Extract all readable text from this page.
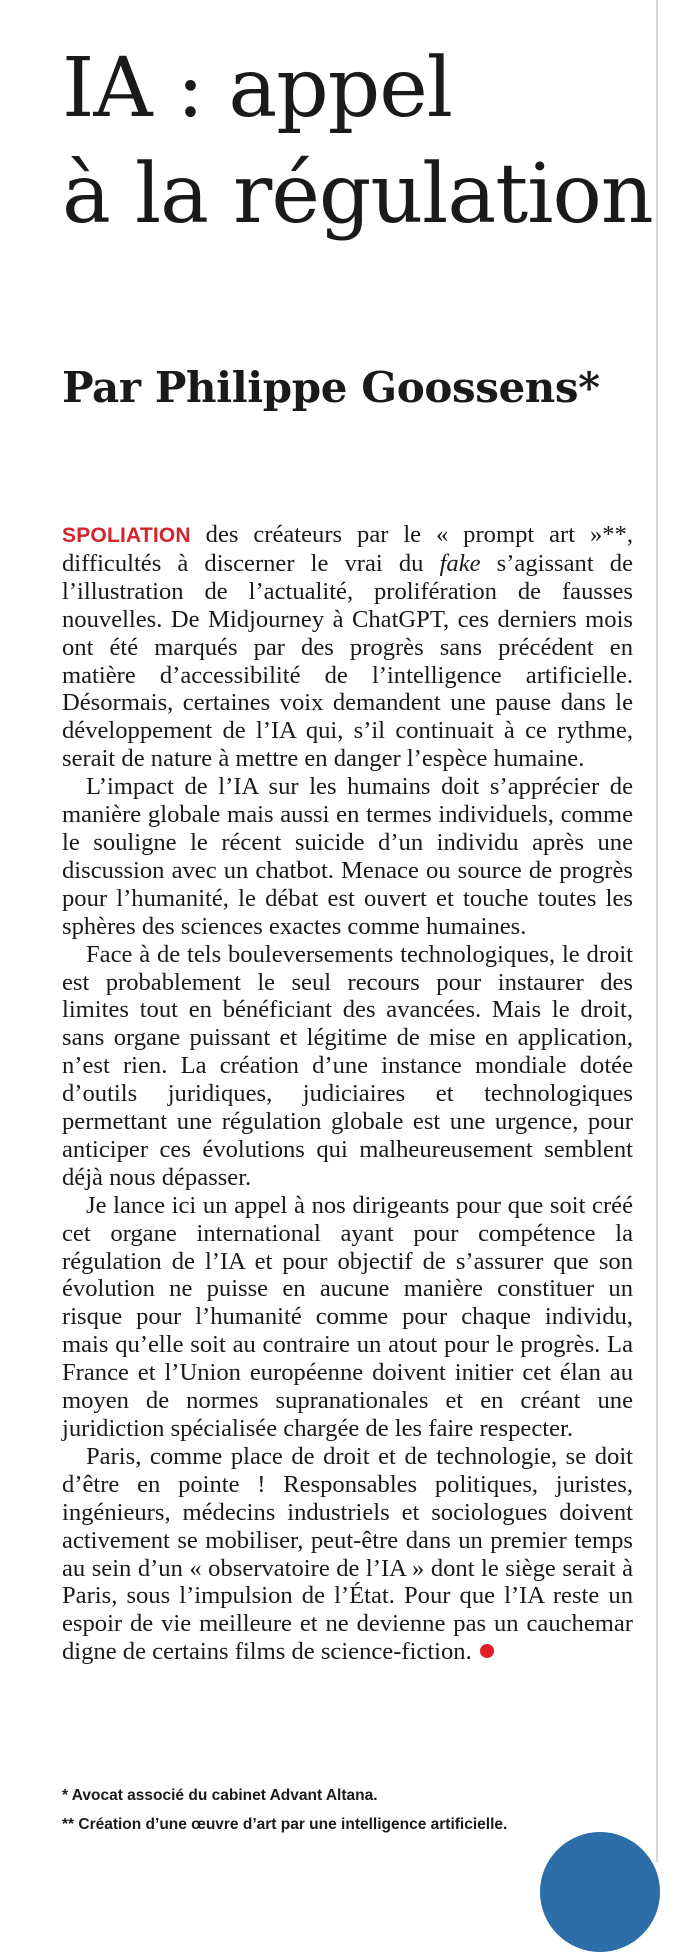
IA : appel
à la régulation
Par Philippe Goossens*

SPOLIATION des créateurs par le « prompt art »**, difficultés à discerner le vrai du fake s’agissant de l’illustration de l’actualité, prolifération de fausses nouvelles. De Midjourney à ChatGPT, ces derniers mois ont été marqués par des progrès sans précédent en matière d’accessibilité de l’intelligence artificielle. Désormais, certaines voix demandent une pause dans le développement de l’IA qui, s’il continuait à ce rythme, serait de nature à mettre en danger l’espèce humaine.

L’impact de l’IA sur les humains doit s’apprécier de manière globale mais aussi en termes individuels, comme le souligne le récent suicide d’un individu après une discussion avec un chatbot. Menace ou source de progrès pour l’humanité, le débat est ouvert et touche toutes les sphères des sciences exactes comme humaines.

Face à de tels bouleversements technologiques, le droit est probablement le seul recours pour instaurer des limites tout en bénéficiant des avancées. Mais le droit, sans organe puissant et légitime de mise en application, n’est rien. La création d’une instance mondiale dotée d’outils juridiques, judiciaires et technologiques permettant une régulation globale est une urgence, pour anticiper ces évolutions qui malheureusement semblent déjà nous dépasser.

Je lance ici un appel à nos dirigeants pour que soit créé cet organe international ayant pour compétence la régulation de l’IA et pour objectif de s’assurer que son évolution ne puisse en aucune manière constituer un risque pour l’humanité comme pour chaque individu, mais qu’elle soit au contraire un atout pour le progrès. La France et l’Union européenne doivent initier cet élan au moyen de normes supranationales et en créant une juridiction spécialisée chargée de les faire respecter.

Paris, comme place de droit et de technologie, se doit d’être en pointe ! Responsables politiques, juristes, ingénieurs, médecins industriels et sociologues doivent activement se mobiliser, peut-être dans un premier temps au sein d’un « observatoire de l’IA » dont le siège serait à Paris, sous l’impulsion de l’État. Pour que l’IA reste un espoir de vie meilleure et ne devienne pas un cauchemar digne de certains films de science-fiction.

* Avocat associé du cabinet Advant Altana.

** Création d’une œuvre d’art par une intelligence artificielle.
